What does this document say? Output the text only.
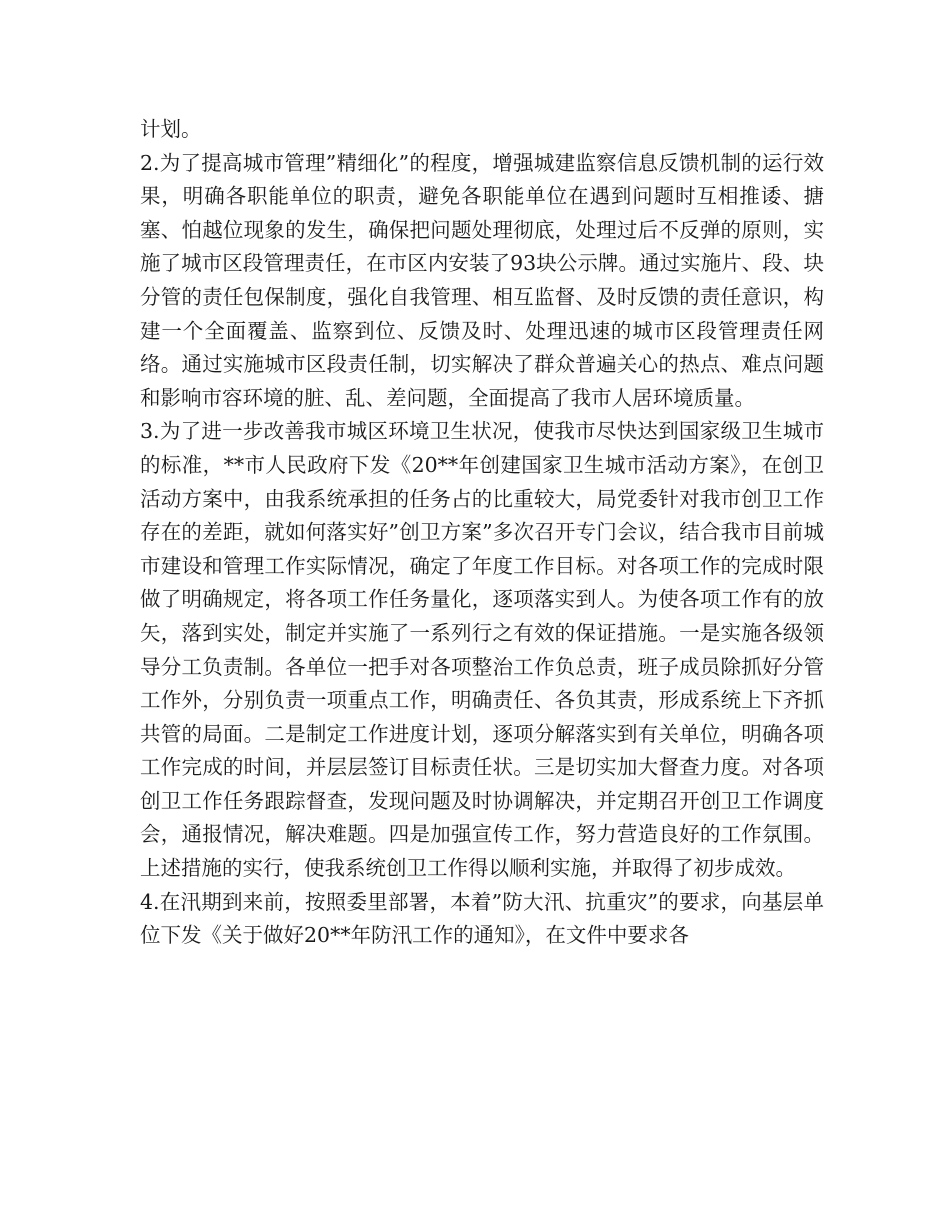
计划。

2.为了提高城市管理”精细化”的程度，增强城建监察信息反馈机制的运行效果，明确各职能单位的职责，避免各职能单位在遇到问题时互相推诿、搪塞、怕越位现象的发生，确保把问题处理彻底，处理过后不反弹的原则，实施了城市区段管理责任，在市区内安装了93块公示牌。通过实施片、段、块分管的责任包保制度，强化自我管理、相互监督、及时反馈的责任意识，构建一个全面覆盖、监察到位、反馈及时、处理迅速的城市区段管理责任网络。通过实施城市区段责任制，切实解决了群众普遍关心的热点、难点问题和影响市容环境的脏、乱、差问题，全面提高了我市人居环境质量。

3.为了进一步改善我市城区环境卫生状况，使我市尽快达到国家级卫生城市的标准，**市人民政府下发《20**年创建国家卫生城市活动方案》，在创卫活动方案中，由我系统承担的任务占的比重较大，局党委针对我市创卫工作存在的差距，就如何落实好”创卫方案”多次召开专门会议，结合我市目前城市建设和管理工作实际情况，确定了年度工作目标。对各项工作的完成时限做了明确规定，将各项工作任务量化，逐项落实到人。为使各项工作有的放矢，落到实处，制定并实施了一系列行之有效的保证措施。一是实施各级领导分工负责制。各单位一把手对各项整治工作负总责，班子成员除抓好分管工作外，分别负责一项重点工作，明确责任、各负其责，形成系统上下齐抓共管的局面。二是制定工作进度计划，逐项分解落实到有关单位，明确各项工作完成的时间，并层层签订目标责任状。三是切实加大督查力度。对各项创卫工作任务跟踪督查，发现问题及时协调解决，并定期召开创卫工作调度会，通报情况，解决难题。四是加强宣传工作，努力营造良好的工作氛围。上述措施的实行，使我系统创卫工作得以顺利实施，并取得了初步成效。

4.在汛期到来前，按照委里部署，本着”防大汛、抗重灾”的要求，向基层单位下发《关于做好20**年防汛工作的通知》，在文件中要求各
